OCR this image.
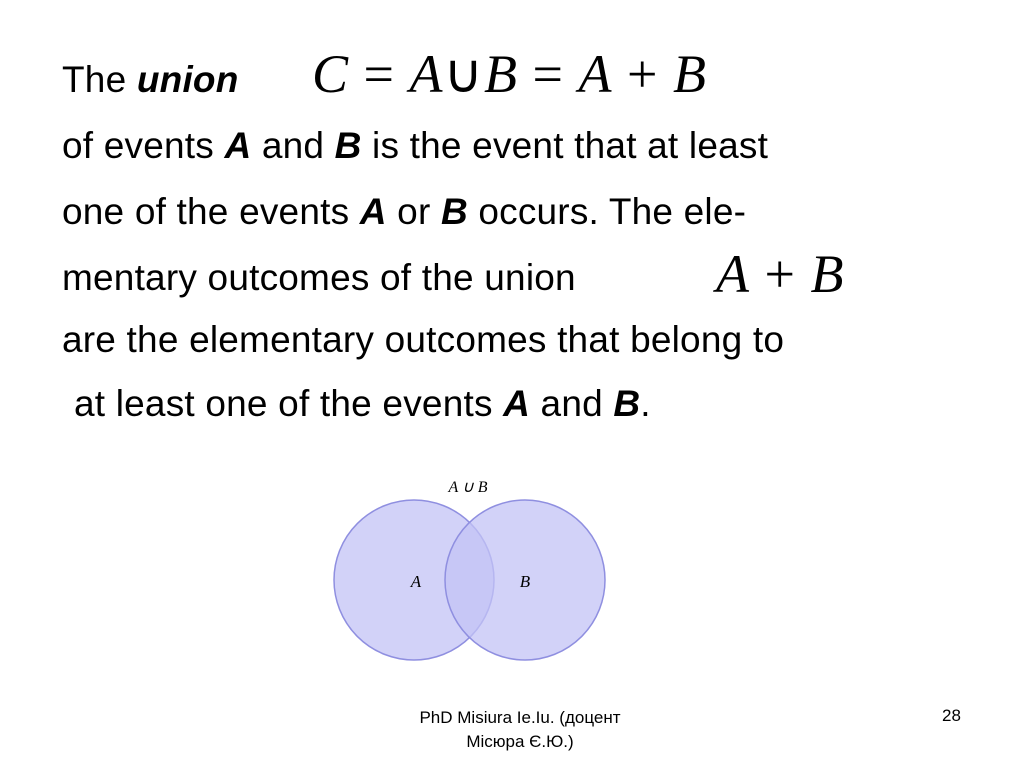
The union C = A∪B = A + B
of events A and B is the event that at least
one of the events A or B occurs. The ele-
mentary outcomes of the union	A + B
are the elementary outcomes that belong to
at least one of the events A and B.
A ∪ B
A	B
PhD Misiura Ie.Iu. (доцент
Місюра Є.Ю.)
28
